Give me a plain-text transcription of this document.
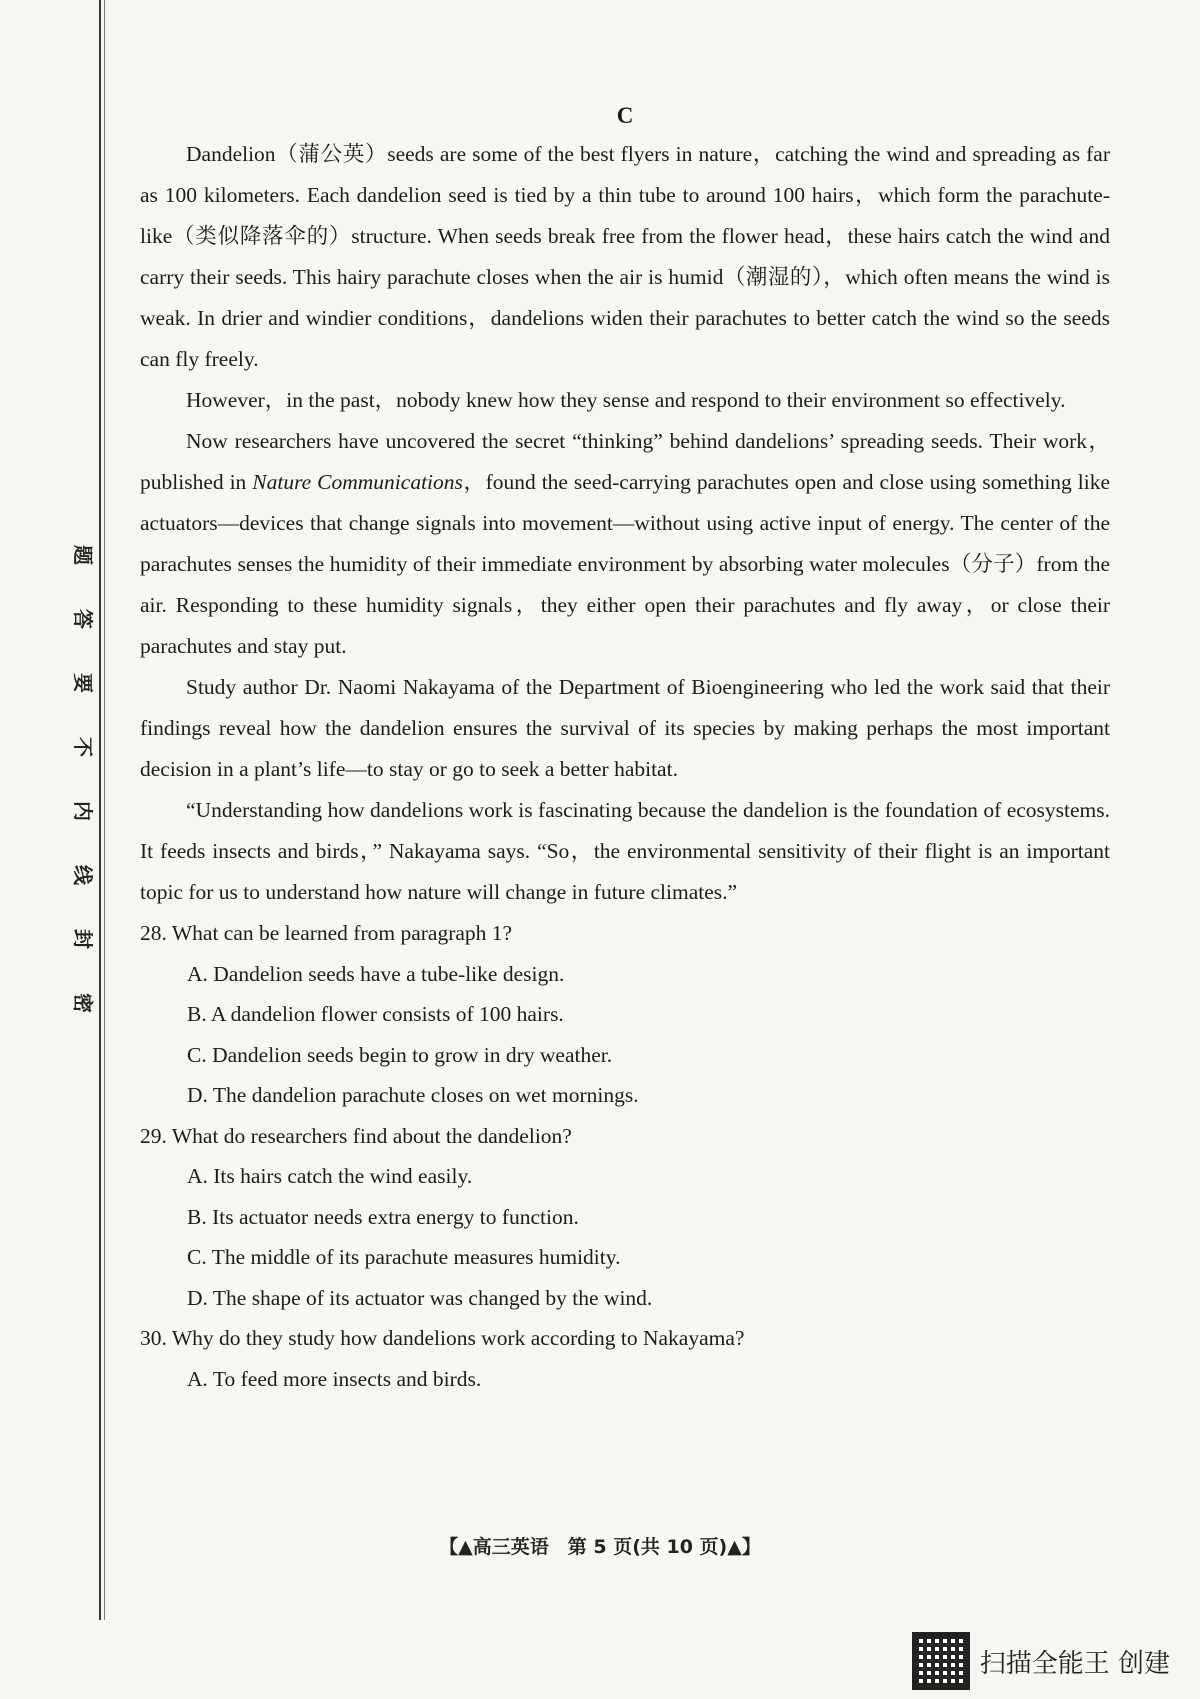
题
答
要
不
内
线
封
密
C

Dandelion（蒲公英）seeds are some of the best flyers in nature，catching the wind and spreading as far as 100 kilometers. Each dandelion seed is tied by a thin tube to around 100 hairs，which form the parachute-like（类似降落伞的）structure. When seeds break free from the flower head，these hairs catch the wind and carry their seeds. This hairy parachute closes when the air is humid（潮湿的），which often means the wind is weak. In drier and windier conditions，dandelions widen their parachutes to better catch the wind so the seeds can fly freely.

However，in the past，nobody knew how they sense and respond to their environment so effectively.

Now researchers have uncovered the secret “thinking” behind dandelions’ spreading seeds. Their work，published in Nature Communications，found the seed-carrying parachutes open and close using something like actuators—devices that change signals into movement—without using active input of energy. The center of the parachutes senses the humidity of their immediate environment by absorbing water molecules（分子）from the air. Responding to these humidity signals，they either open their parachutes and fly away，or close their parachutes and stay put.

Study author Dr. Naomi Nakayama of the Department of Bioengineering who led the work said that their findings reveal how the dandelion ensures the survival of its species by making perhaps the most important decision in a plant’s life—to stay or go to seek a better habitat.

“Understanding how dandelions work is fascinating because the dandelion is the foundation of ecosystems. It feeds insects and birds，” Nakayama says. “So，the environmental sensitivity of their flight is an important topic for us to understand how nature will change in future climates.”

28. What can be learned from paragraph 1?

A. Dandelion seeds have a tube-like design.

B. A dandelion flower consists of 100 hairs.

C. Dandelion seeds begin to grow in dry weather.

D. The dandelion parachute closes on wet mornings.

29. What do researchers find about the dandelion?

A. Its hairs catch the wind easily.

B. Its actuator needs extra energy to function.

C. The middle of its parachute measures humidity.

D. The shape of its actuator was changed by the wind.

30. Why do they study how dandelions work according to Nakayama?

A. To feed more insects and birds.

【▲高三英语　第 5 页(共 10 页)▲】
扫描全能王 创建
